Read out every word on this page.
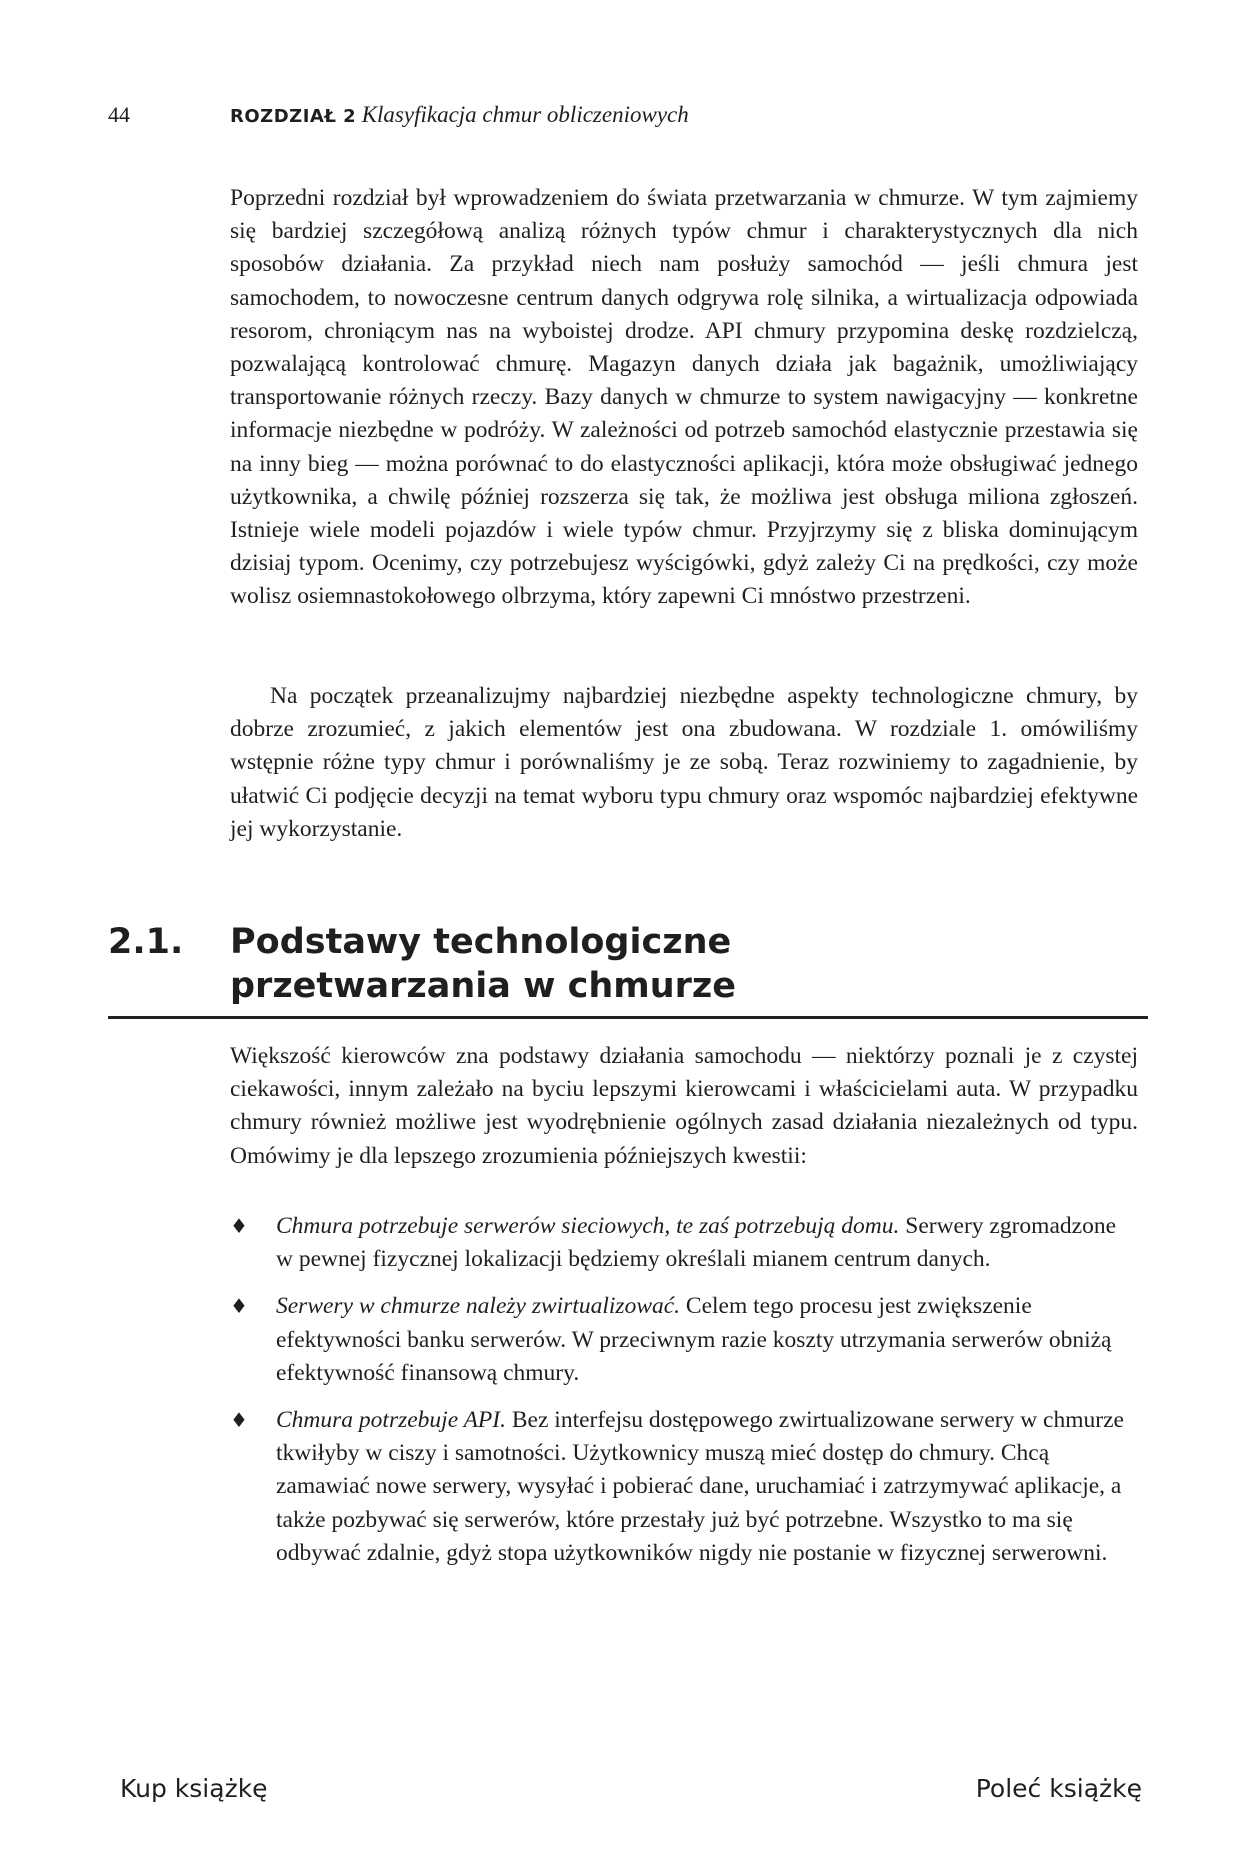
44	ROZDZIAŁ 2 Klasyfikacja chmur obliczeniowych

Poprzedni rozdział był wprowadzeniem do świata przetwarzania w chmurze. W tym zajmiemy się bardziej szczegółową analizą różnych typów chmur i charakterystycznych dla nich sposobów działania. Za przykład niech nam posłuży samochód — jeśli chmura jest samochodem, to nowoczesne centrum danych odgrywa rolę silnika, a wirtualizacja odpowiada resorom, chroniącym nas na wyboistej drodze. API chmury przypomina deskę rozdzielczą, pozwalającą kontrolować chmurę. Magazyn danych działa jak bagażnik, umożliwiający transportowanie różnych rzeczy. Bazy danych w chmurze to system nawigacyjny — konkretne informacje niezbędne w podróży. W zależności od potrzeb samochód elastycznie przestawia się na inny bieg — można porównać to do elastyczności aplikacji, która może obsługiwać jednego użytkownika, a chwilę później rozszerza się tak, że możliwa jest obsługa miliona zgłoszeń. Istnieje wiele modeli pojazdów i wiele typów chmur. Przyjrzymy się z bliska dominującym dzisiaj typom. Ocenimy, czy potrzebujesz wyścigówki, gdyż zależy Ci na prędkości, czy może wolisz osiemnastokołowego olbrzyma, który zapewni Ci mnóstwo przestrzeni.

Na początek przeanalizujmy najbardziej niezbędne aspekty technologiczne chmury, by dobrze zrozumieć, z jakich elementów jest ona zbudowana. W rozdziale 1. omówiliśmy wstępnie różne typy chmur i porównaliśmy je ze sobą. Teraz rozwiniemy to zagadnienie, by ułatwić Ci podjęcie decyzji na temat wyboru typu chmury oraz wspomóc najbardziej efektywne jej wykorzystanie.

2.1. Podstawy technologiczne
przetwarzania w chmurze

Większość kierowców zna podstawy działania samochodu — niektórzy poznali je z czystej ciekawości, innym zależało na byciu lepszymi kierowcami i właścicielami auta. W przypadku chmury również możliwe jest wyodrębnienie ogólnych zasad działania niezależnych od typu. Omówimy je dla lepszego zrozumienia późniejszych kwestii:

♦ Chmura potrzebuje serwerów sieciowych, te zaś potrzebują domu. Serwery zgromadzone w pewnej fizycznej lokalizacji będziemy określali mianem centrum danych.
♦ Serwery w chmurze należy zwirtualizować. Celem tego procesu jest zwiększenie efektywności banku serwerów. W przeciwnym razie koszty utrzymania serwerów obniżą efektywność finansową chmury.
♦ Chmura potrzebuje API. Bez interfejsu dostępowego zwirtualizowane serwery w chmurze tkwiłyby w ciszy i samotności. Użytkownicy muszą mieć dostęp do chmury. Chcą zamawiać nowe serwery, wysyłać i pobierać dane, uruchamiać i zatrzymywać aplikacje, a także pozbywać się serwerów, które przestały już być potrzebne. Wszystko to ma się odbywać zdalnie, gdyż stopa użytkowników nigdy nie postanie w fizycznej serwerowni.
Kup książkę	Poleć książkę
